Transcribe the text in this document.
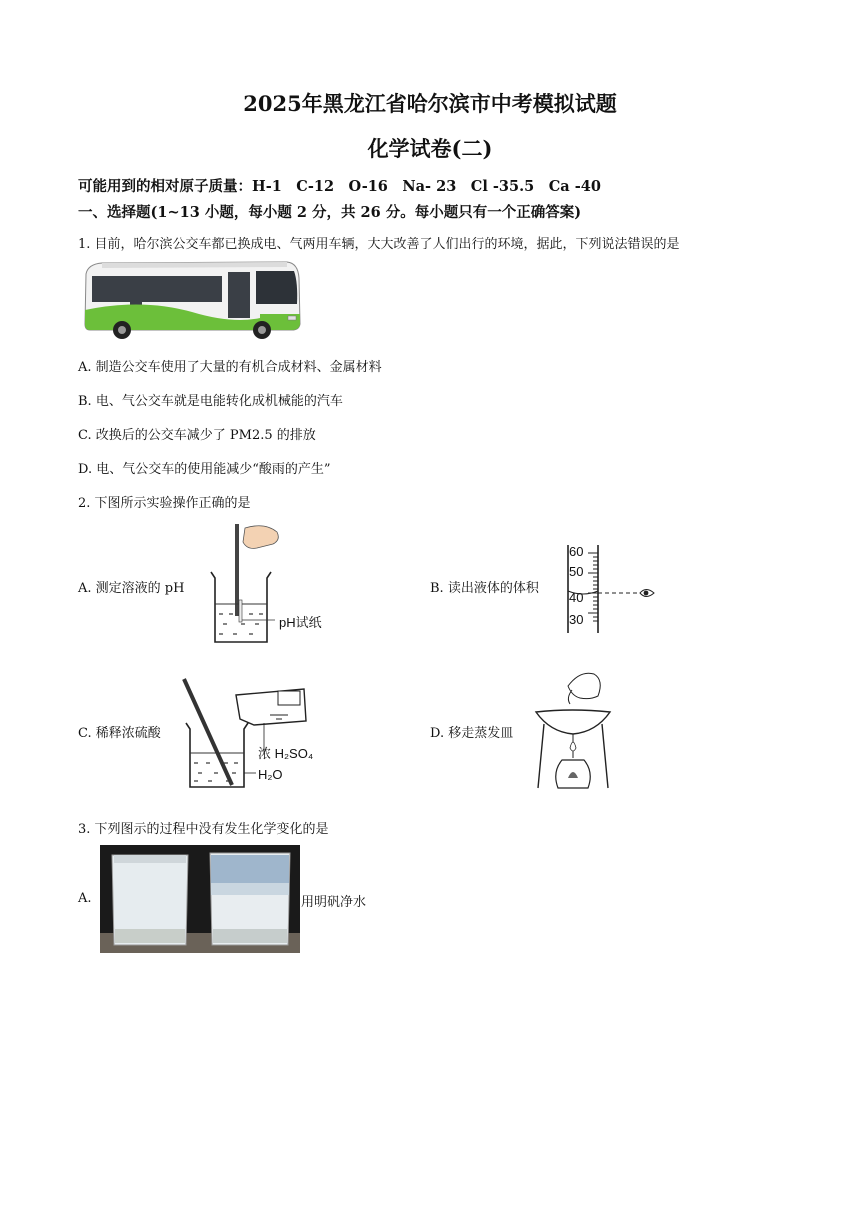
2025年黑龙江省哈尔滨市中考模拟试题
化学试卷(二)
可能用到的相对原子质量：H-1　C-12　O-16　Na- 23　Cl -35.5　Ca -40
一、选择题(1~13 小题，每小题 2 分，共 26 分。每小题只有一个正确答案)
1. 目前，哈尔滨公交车都已换成电、气两用车辆，大大改善了人们出行的环境，据此，下列说法错误的是
A. 制造公交车使用了大量的有机合成材料、金属材料
B. 电、气公交车就是电能转化成机械能的汽车
C. 改换后的公交车减少了 PM2.5 的排放
D. 电、气公交车的使用能减少“酸雨的产生”
2. 下图所示实验操作正确的是
A. 测定溶液的 pH
pH试纸
B. 读出液体的体积
60
50
40
30
C. 稀释浓硫酸
浓 H₂SO₄
H₂O
D. 移走蒸发皿
3. 下列图示的过程中没有发生化学变化的是
A.	用明矾净水
